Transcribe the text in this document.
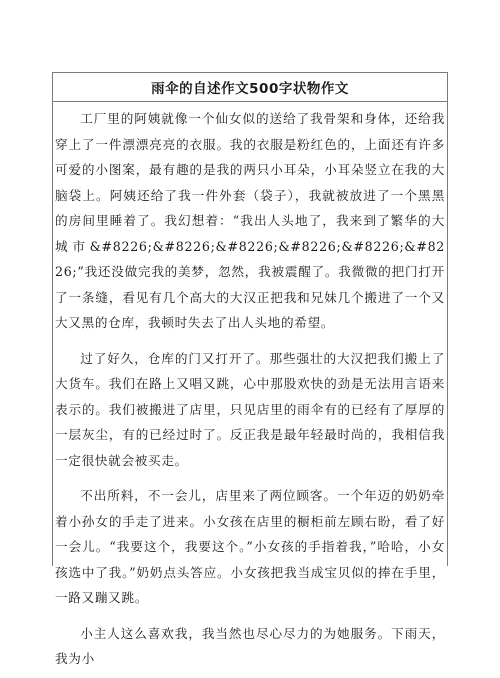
雨伞的自述作文500字状物作文

工厂里的阿姨就像一个仙女似的送给了我骨架和身体，还给我穿上了一件漂漂亮亮的衣服。我的衣服是粉红色的，上面还有许多可爱的小图案，最有趣的是我的两只小耳朵，小耳朵竖立在我的大脑袋上。阿姨还给了我一件外套（袋子），我就被放进了一个黑黑的房间里睡着了。我幻想着：“我出人头地了，我来到了繁华的大城市&#8226;&#8226;&#8226;&#8226;&#8226;&#8226;”我还没做完我的美梦，忽然，我被震醒了。我微微的把门打开了一条缝，看见有几个高大的大汉正把我和兄妹几个搬进了一个又大又黑的仓库，我顿时失去了出人头地的希望。

过了好久，仓库的门又打开了。那些强壮的大汉把我们搬上了大货车。我们在路上又唱又跳，心中那股欢快的劲是无法用言语来表示的。我们被搬进了店里，只见店里的雨伞有的已经有了厚厚的一层灰尘，有的已经过时了。反正我是最年轻最时尚的，我相信我一定很快就会被买走。

不出所料，不一会儿，店里来了两位顾客。一个年迈的奶奶牵着小孙女的手走了进来。小女孩在店里的橱柜前左顾右盼，看了好一会儿。“我要这个，我要这个。”小女孩的手指着我，”哈哈，小女孩选中了我。”奶奶点头答应。小女孩把我当成宝贝似的捧在手里，一路又蹦又跳。

小主人这么喜欢我，我当然也尽心尽力的为她服务。下雨天，我为小
